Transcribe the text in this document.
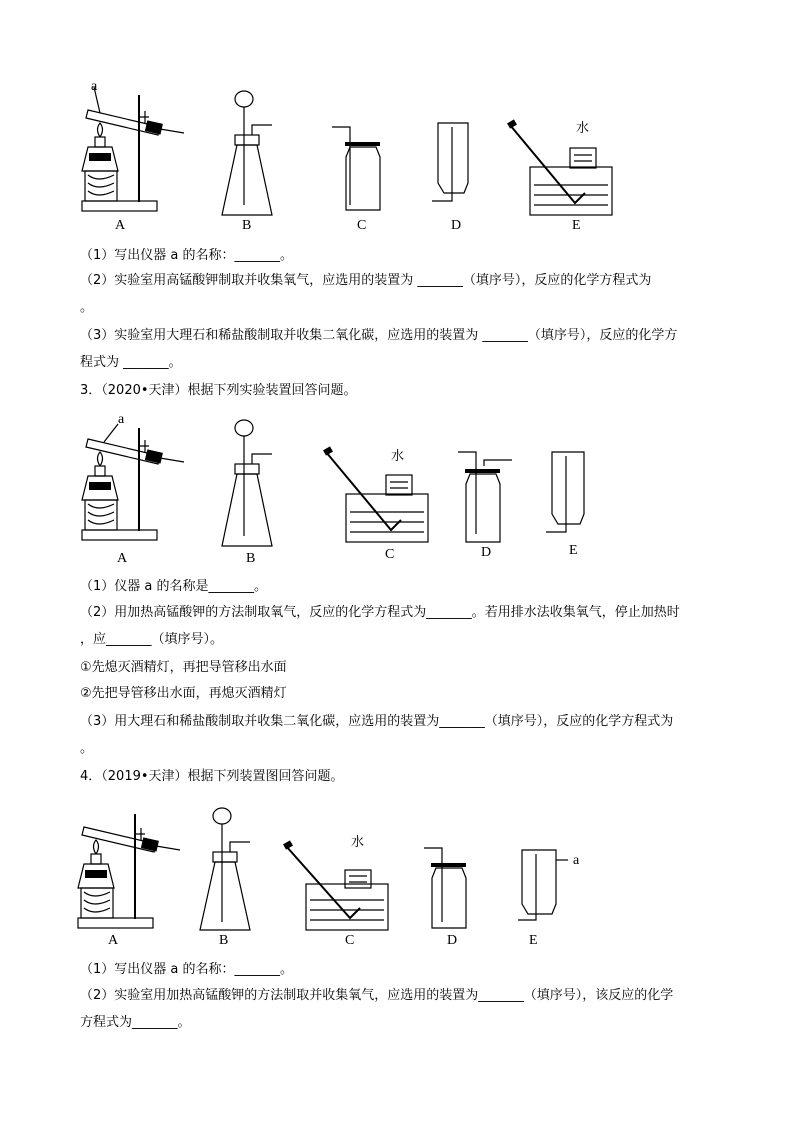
a
水
A	B	C	D	E
（1）写出仪器 a 的名称：_______。
（2）实验室用高锰酸钾制取并收集氧气，应选用的装置为 _______（填序号），反应的化学方程式为
。
（3）实验室用大理石和稀盐酸制取并收集二氧化碳，应选用的装置为 _______（填序号），反应的化学方
程式为 _______。
3．（2020•天津）根据下列实验装置回答问题。
a
水
A	B	C	D	E
（1）仪器 a 的名称是_______。
（2）用加热高锰酸钾的方法制取氧气，反应的化学方程式为_______。若用排水法收集氧气，停止加热时
，应_______（填序号）。
①先熄灭酒精灯，再把导管移出水面
②先把导管移出水面，再熄灭酒精灯
（3）用大理石和稀盐酸制取并收集二氧化碳，应选用的装置为_______（填序号），反应的化学方程式为
。
4．（2019•天津）根据下列装置图回答问题。
a
水
A	B	C	D	E
（1）写出仪器 a 的名称：_______。
（2）实验室用加热高锰酸钾的方法制取并收集氧气，应选用的装置为_______（填序号），该反应的化学
方程式为_______。
